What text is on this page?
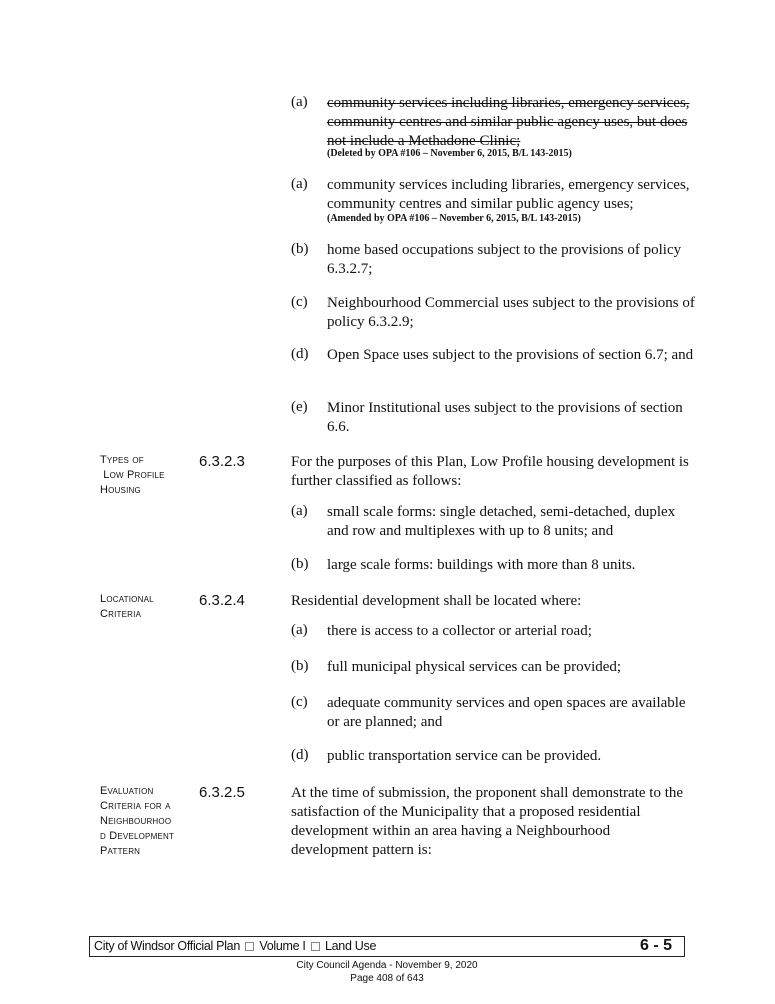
(a)	community services including libraries, emergency services, community centres and similar public agency uses, but does not include a Methadone Clinic;
(Deleted by OPA #106 – November 6, 2015, B/L 143-2015)
(a)	community services including libraries, emergency services, community centres and similar public agency uses;
(Amended by OPA #106 – November 6, 2015, B/L 143-2015)
(b)	home based occupations subject to the provisions of policy 6.3.2.7;
(c)	Neighbourhood Commercial uses subject to the provisions of policy 6.3.2.9;
(d)	Open Space uses subject to the provisions of section 6.7; and
(e)	Minor Institutional uses subject to the provisions of section 6.6.
Types of
Low Profile
Housing
6.3.2.3	For the purposes of this Plan, Low Profile housing development is further classified as follows:
(a)	small scale forms: single detached, semi-detached, duplex and row and multiplexes with up to 8 units; and
(b)	large scale forms: buildings with more than 8 units.
Locational
Criteria
6.3.2.4	Residential development shall be located where:
(a)	there is access to a collector or arterial road;
(b)	full municipal physical services can be provided;
(c)	adequate community services and open spaces are available or are planned; and
(d)	public transportation service can be provided.
Evaluation
Criteria for a
Neighbourhoo
d Development
Pattern
6.3.2.5	At the time of submission, the proponent shall demonstrate to the satisfaction of the Municipality that a proposed residential development within an area having a Neighbourhood development pattern is:
City of Windsor Official Plan Volume I Land Use	6 - 5
City Council Agenda - November 9, 2020
Page 408 of 643
